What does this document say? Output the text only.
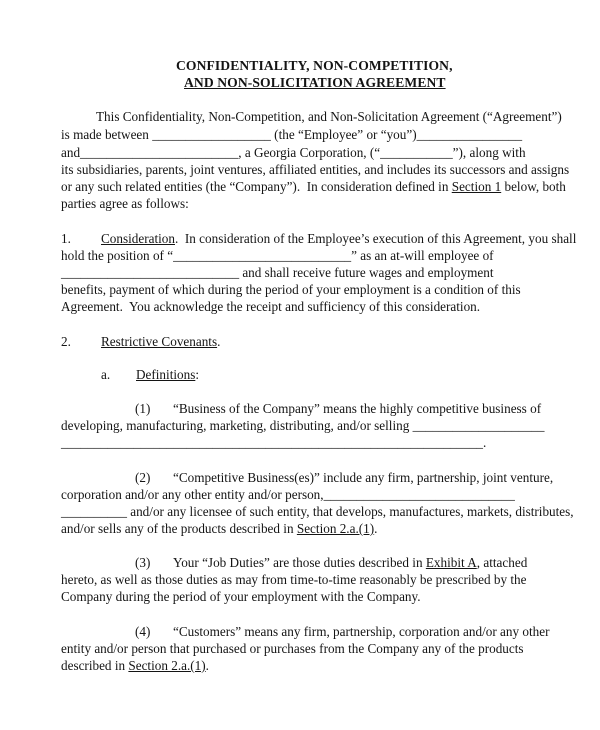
CONFIDENTIALITY, NON-COMPETITION,
AND NON-SOLICITATION AGREEMENT
This Confidentiality, Non-Competition, and Non-Solicitation Agreement (“Agreement”)
is made between __________________ (the “Employee” or “you”)________________
and________________________, a Georgia Corporation, (“___________”), along with
its subsidiaries, parents, joint ventures, affiliated entities, and includes its successors and assigns
or any such related entities (the “Company”).  In consideration defined in Section 1 below, both
parties agree as follows:
1. Consideration.  In consideration of the Employee’s execution of this Agreement, you shall
hold the position of “___________________________” as an at-will employee of
___________________________ and shall receive future wages and employment
benefits, payment of which during the period of your employment is a condition of this
Agreement.  You acknowledge the receipt and sufficiency of this consideration.
2. Restrictive Covenants.
a. Definitions:
(1) “Business of the Company” means the highly competitive business of
developing, manufacturing, marketing, distributing, and/or selling ____________________
________________________________________________________________.
(2) “Competitive Business(es)” include any firm, partnership, joint venture,
corporation and/or any other entity and/or person,_____________________________
__________ and/or any licensee of such entity, that develops, manufactures, markets, distributes,
and/or sells any of the products described in Section 2.a.(1).
(3) Your “Job Duties” are those duties described in Exhibit A, attached
hereto, as well as those duties as may from time-to-time reasonably be prescribed by the
Company during the period of your employment with the Company.
(4) “Customers” means any firm, partnership, corporation and/or any other
entity and/or person that purchased or purchases from the Company any of the products
described in Section 2.a.(1).
